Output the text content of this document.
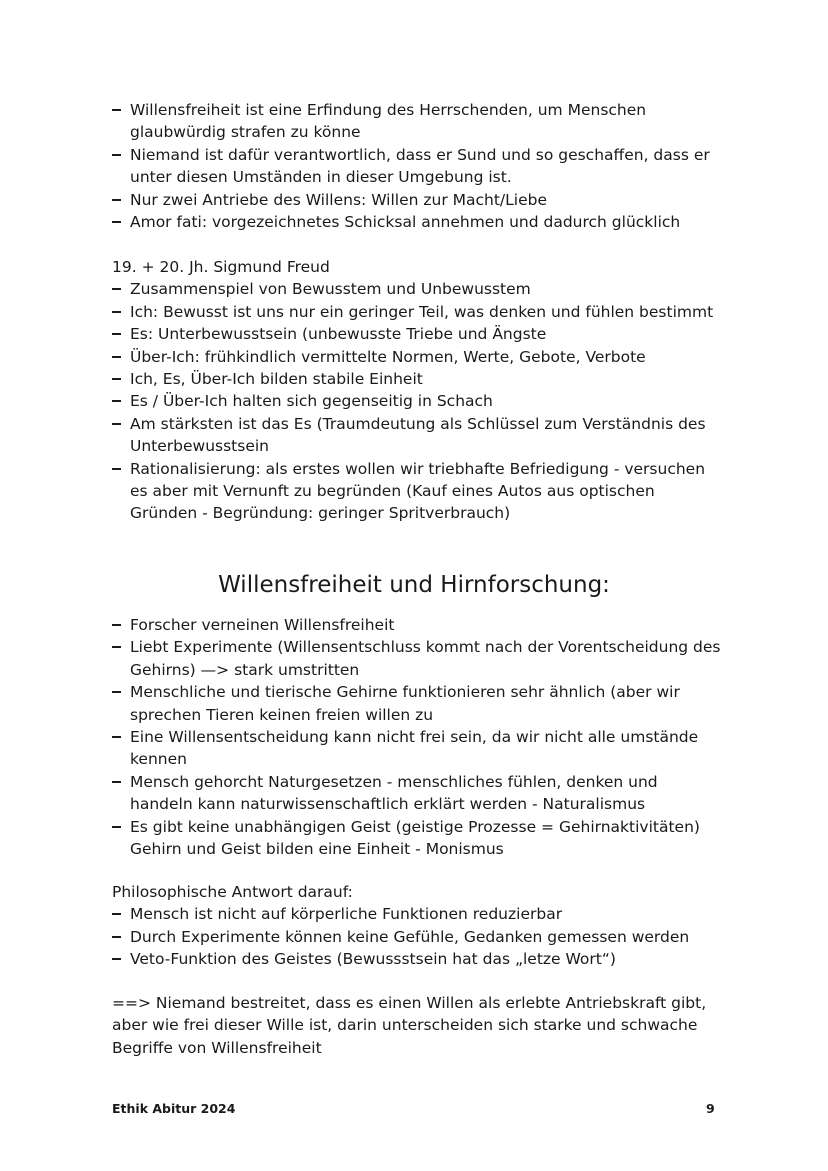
Willensfreiheit ist eine Erfindung des Herrschenden, um Menschen glaubwürdig strafen zu könne
Niemand ist dafür verantwortlich, dass er Sund und so geschaffen, dass er unter diesen Umständen in dieser Umgebung ist.
Nur zwei Antriebe des Willens: Willen zur Macht/Liebe
Amor fati: vorgezeichnetes Schicksal annehmen und dadurch glücklich

19. + 20. Jh. Sigmund Freud

Zusammenspiel von Bewusstem und Unbewusstem
Ich: Bewusst ist uns nur ein geringer Teil, was denken und fühlen bestimmt
Es: Unterbewusstsein (unbewusste Triebe und Ängste
Über-Ich: frühkindlich vermittelte Normen, Werte, Gebote, Verbote
Ich, Es, Über-Ich bilden stabile Einheit
Es / Über-Ich halten sich gegenseitig in Schach
Am stärksten ist das Es (Traumdeutung als Schlüssel zum Verständnis des Unterbewusstsein
Rationalisierung: als erstes wollen wir triebhafte Befriedigung - versuchen es aber mit Vernunft zu begründen (Kauf eines Autos aus optischen Gründen - Begründung: geringer Spritverbrauch)
Willensfreiheit und Hirnforschung:
Forscher verneinen Willensfreiheit
Liebt Experimente (Willensentschluss kommt nach der Vorentscheidung des Gehirns) —> stark umstritten
Menschliche und tierische Gehirne funktionieren sehr ähnlich (aber wir sprechen Tieren keinen freien willen zu
Eine Willensentscheidung kann nicht frei sein, da wir nicht alle umstände kennen
Mensch gehorcht Naturgesetzen - menschliches fühlen, denken und handeln kann naturwissenschaftlich erklärt werden - Naturalismus
Es gibt keine unabhängigen Geist (geistige Prozesse = Gehirnaktivitäten) Gehirn und Geist bilden eine Einheit - Monismus

Philosophische Antwort darauf:

Mensch ist nicht auf körperliche Funktionen reduzierbar
Durch Experimente können keine Gefühle, Gedanken gemessen werden
Veto-Funktion des Geistes (Bewussstsein hat das „letze Wort“)

==> Niemand bestreitet, dass es einen Willen als erlebte Antriebskraft gibt, aber wie frei dieser Wille ist, darin unterscheiden sich starke und schwache Begriffe von Willensfreiheit

Ethik Abitur 2024	9
